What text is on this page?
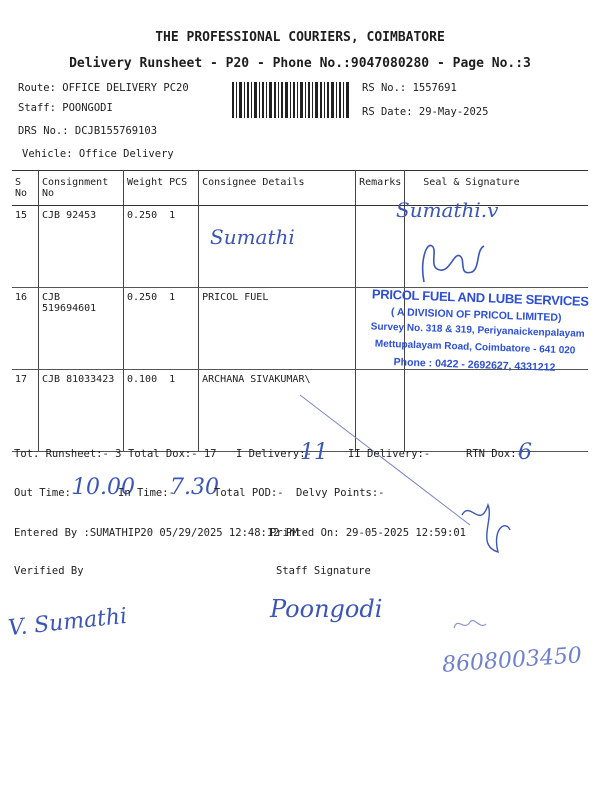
THE PROFESSIONAL COURIERS, COIMBATORE
Delivery Runsheet - P20 - Phone No.:9047080280 - Page No.:3
Route: OFFICE DELIVERY PC20
Staff: POONGODI
DRS No.: DCJB155769103
Vehicle: Office Delivery
RS No.: 1557691
RS Date: 29-May-2025
S No	Consignment No	Weight	PCS	Consignee Details	Remarks	Seal & Signature
15	CJB 92453	0.250	1			
16	CJB 519694601	0.250	1	PRICOL FUEL		
17	CJB 81033423	0.100	1	ARCHANA SIVAKUMAR\		
Sumathi
Sumathi.v
PRICOL FUEL AND LUBE SERVICES
( A DIVISION OF PRICOL LIMITED)
Survey No. 318 & 319, Periyanaickenpalayam
Mettupalayam Road, Coimbatore - 641 020
Phone : 0422 - 2692627, 4331212
Tot. Runsheet:- 3 Total Dox:- 17 I Delivery:-
11 II Delivery:-	RTN Dox:-
6
Out Time:-
10.00
In Time:-
7.30
Total POD:- Delvy Points:-
Entered By :SUMATHIP20 05/29/2025 12:48:12 PM
Printed On: 29-05-2025 12:59:01
Verified By	Staff Signature
V. Sumathi	Poongodi
8608003450
